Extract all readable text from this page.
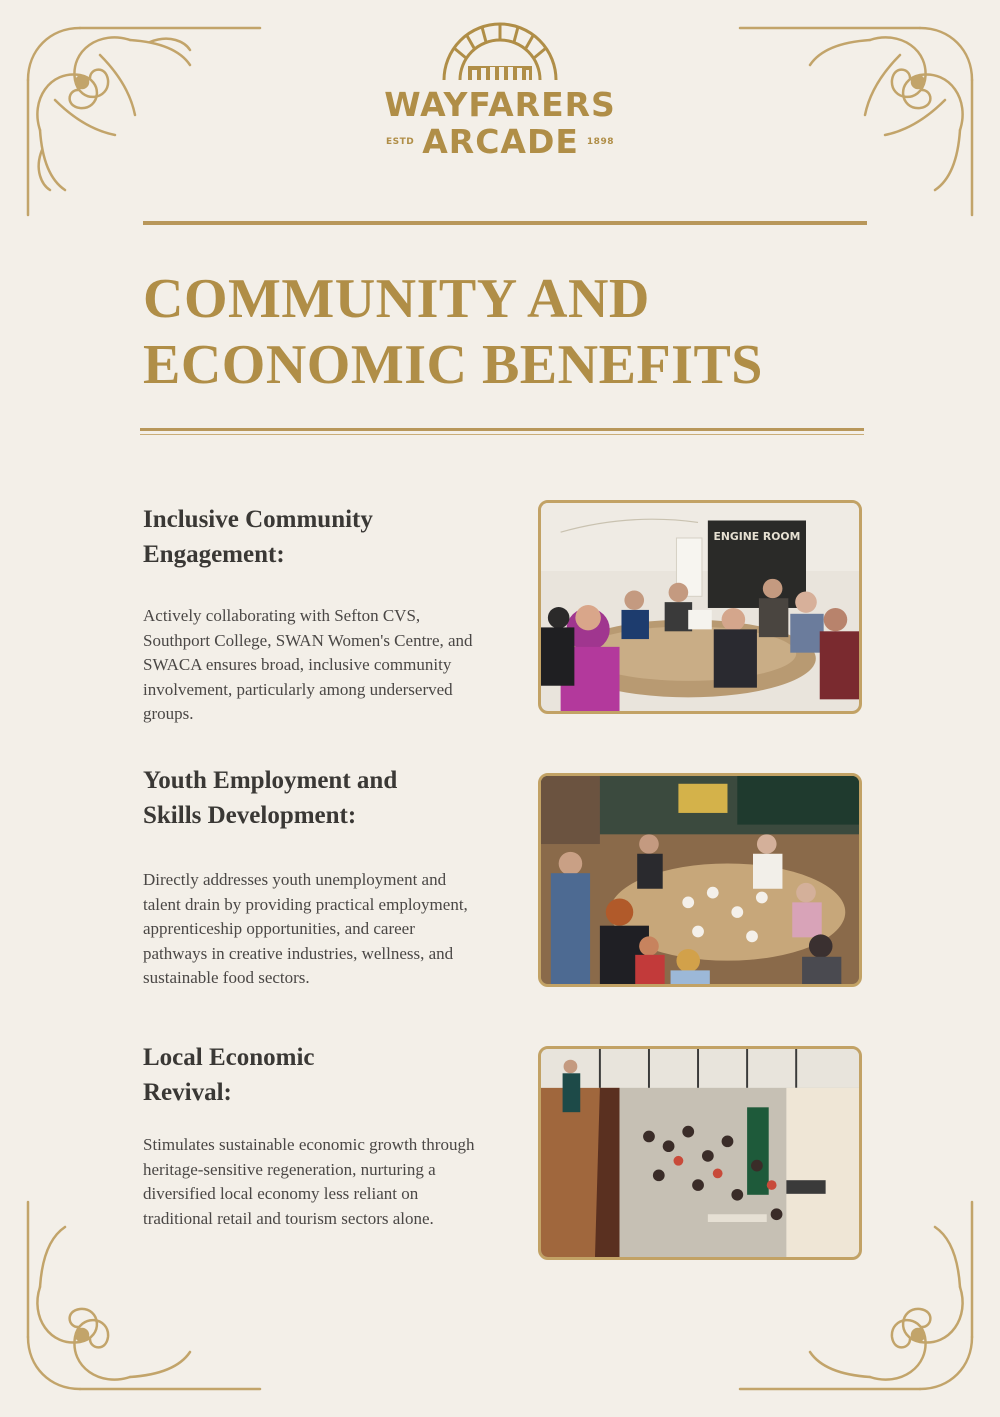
WAYFARERS
ESTD ARCADE 1898
COMMUNITY AND
ECONOMIC BENEFITS
Inclusive Community
Engagement:

Actively collaborating with Sefton CVS, Southport College, SWAN Women's Centre, and SWACA ensures broad, inclusive community involvement, particularly among underserved groups.

ENGINE ROOM
Youth Employment and
Skills Development:

Directly addresses youth unemployment and talent drain by providing practical employment, apprenticeship opportunities, and career pathways in creative industries, wellness, and sustainable food sectors.

Local Economic
Revival:

Stimulates sustainable economic growth through heritage-sensitive regeneration, nurturing a diversified local economy less reliant on traditional retail and tourism sectors alone.
